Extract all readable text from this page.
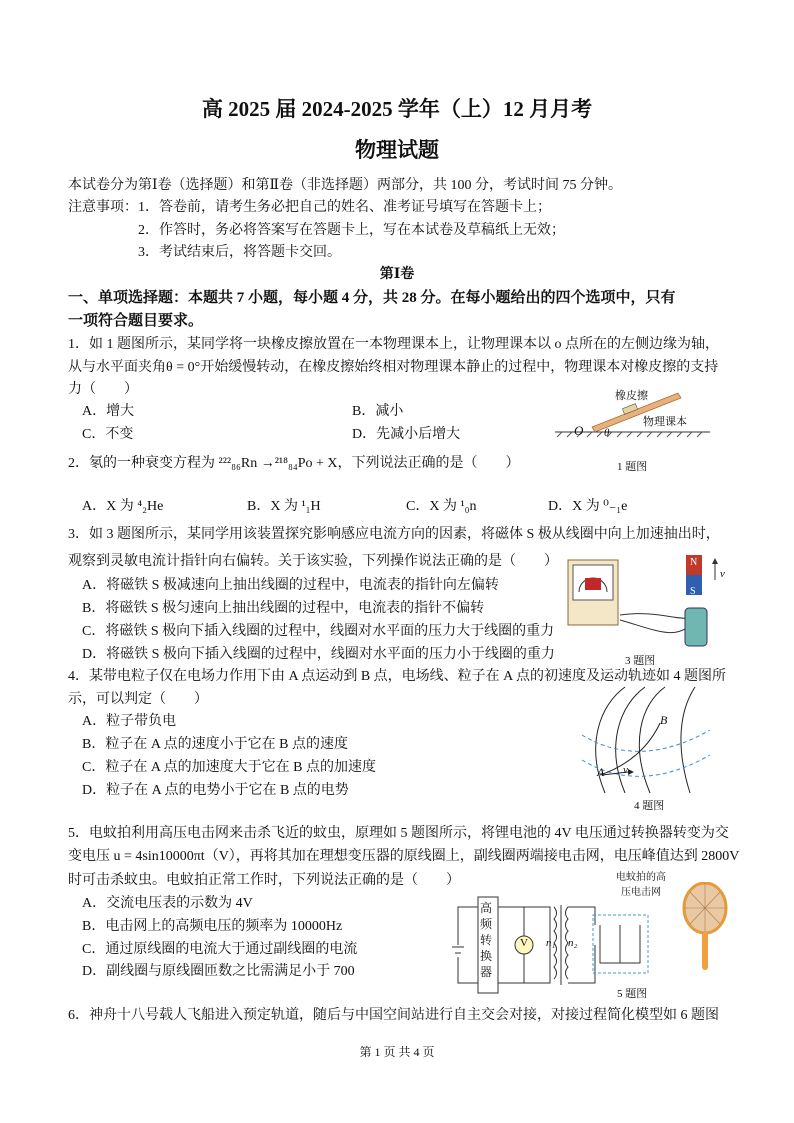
高 2025 届 2024-2025 学年（上）12 月月考
物理试题
本试卷分为第Ⅰ卷（选择题）和第Ⅱ卷（非选择题）两部分，共 100 分，考试时间 75 分钟。
注意事项：1．答卷前，请考生务必把自己的姓名、准考证号填写在答题卡上；
2．作答时，务必将答案写在答题卡上，写在本试卷及草稿纸上无效；
3．考试结束后，将答题卡交回。
第Ⅰ卷
一、单项选择题：本题共 7 小题，每小题 4 分，共 28 分。在每小题给出的四个选项中，只有
一项符合题目要求。
1．如 1 题图所示，某同学将一块橡皮擦放置在一本物理课本上，让物理课本以 o 点所在的左侧边缘为轴，
从与水平面夹角θ = 0°开始缓慢转动，在橡皮擦始终相对物理课本静止的过程中，物理课本对橡皮擦的支持
力（　　）
A．增大	B．减小
C．不变	D．先减小后增大
橡皮擦
物理课本
O θ
1 题图
2．氡的一种衰变方程为 ²²²₈₆Rn →²¹⁸₈₄Po + X，下列说法正确的是（　　）
A．X 为 ⁴₂He	B．X 为 ¹₁H	C．X 为 ¹₀n	D．X 为 ⁰₋₁e
3．如 3 题图所示，某同学用该装置探究影响感应电流方向的因素，将磁体 S 极从线圈中向上加速抽出时，
观察到灵敏电流计指针向右偏转。关于该实验，下列操作说法正确的是（　　）
A．将磁铁 S 极减速向上抽出线圈的过程中，电流表的指针向左偏转
B．将磁铁 S 极匀速向上抽出线圈的过程中，电流表的指针不偏转
C．将磁铁 S 极向下插入线圈的过程中，线圈对水平面的压力大于线圈的重力
D．将磁铁 S 极向下插入线圈的过程中，线圈对水平面的压力小于线圈的重力
N
S
v
3 题图
4．某带电粒子仅在电场力作用下由 A 点运动到 B 点，电场线、粒子在 A 点的初速度及运动轨迹如 4 题图所
示，可以判定（　　）
A．粒子带负电
B．粒子在 A 点的速度小于它在 B 点的速度
C．粒子在 A 点的加速度大于它在 B 点的加速度
D．粒子在 A 点的电势小于它在 B 点的电势
A
B
v
4 题图
5．电蚊拍利用高压电击网来击杀飞近的蚊虫，原理如 5 题图所示，将锂电池的 4V 电压通过转换器转变为交
变电压 u = 4sin10000πt（V），再将其加在理想变压器的原线圈上，副线圈两端接电击网，电压峰值达到 2800V
时可击杀蚊虫。电蚊拍正常工作时，下列说法正确的是（　　）
A．交流电压表的示数为 4V
B．电击网上的高频电压的频率为 10000Hz
C．通过原线圈的电流大于通过副线圈的电流
D．副线圈与原线圈匝数之比需满足小于 700
高频转换器
V n₁ n₂
电蚊拍的高压电击网
5 题图
6．神舟十八号载人飞船进入预定轨道，随后与中国空间站进行自主交会对接，对接过程简化模型如 6 题图
第 1 页 共 4 页
